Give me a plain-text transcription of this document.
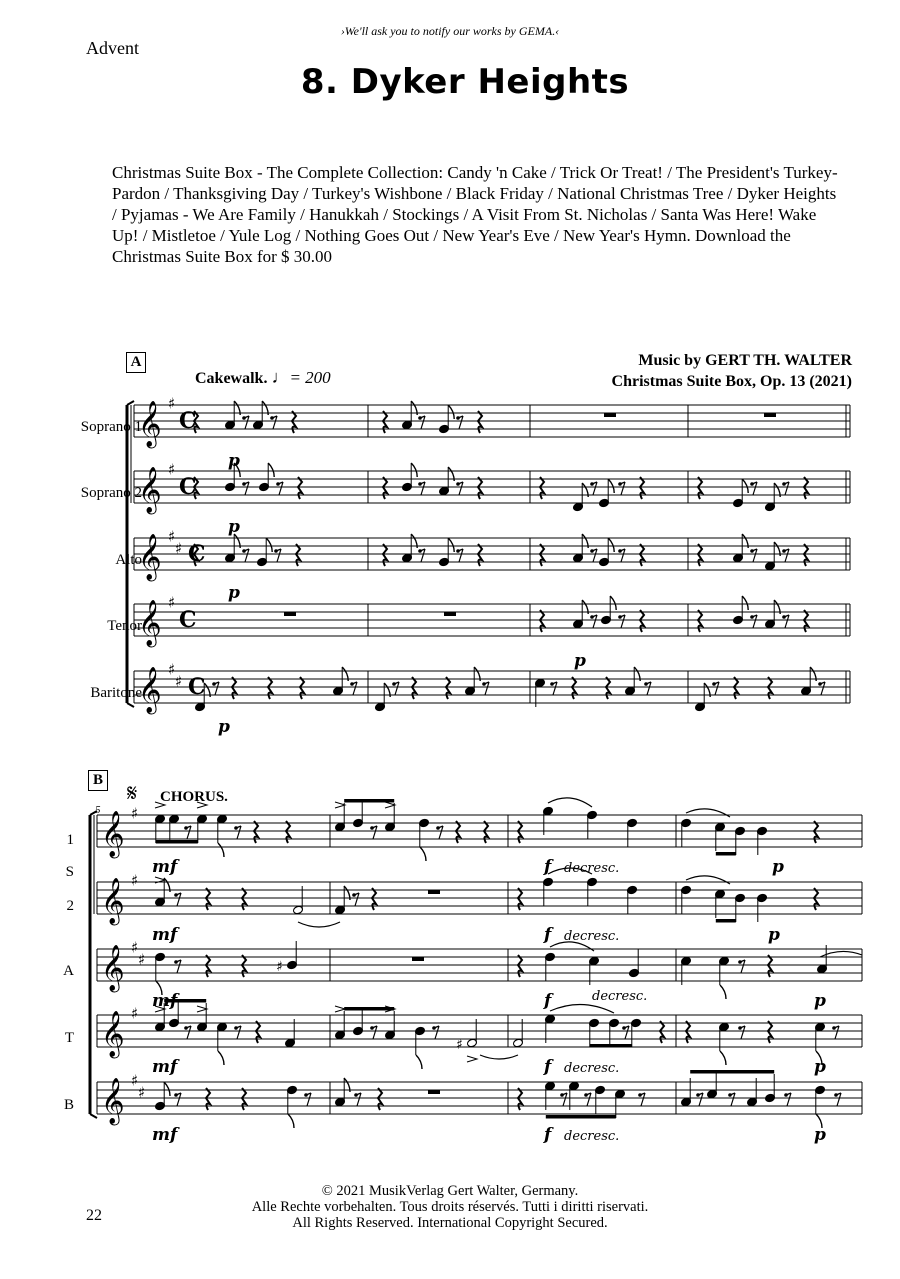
›We'll ask you to notify our works by GEMA.‹
Advent
8. Dyker Heights
Christmas Suite Box - The Complete Collection: Candy 'n Cake / Trick Or Treat! / The President's Turkey-Pardon / Thanksgiving Day / Turkey's Wishbone / Black Friday / National Christmas Tree / Dyker Heights / Pyjamas - We Are Family / Hanukkah / Stockings / A Visit From St. Nicholas / Santa Was Here! Wake Up! / Mistletoe / Yule Log / Nothing Goes Out / New Year's Eve / New Year's Hymn. Download the Christmas Suite Box for $ 30.00
Music by GERT TH. WALTER
Christmas Suite Box, Op. 13 (2021)
𝄞 ♯
C
𝄞 ♯
C
𝄞 ♯
♯ C
𝄞 ♯
C
𝄞 ♯
♯ C
𝄞 ♯
𝄞 ♯
𝄞 ♯
♯
𝄞 ♯
𝄞 ♯
♯
♯
♯
p
p
p
p
p
mf	f decresc.	p
mf	f decresc.	p
mf	f	decresc.	p
mf	f decresc.	p
mf	f decresc.	p
A
Cakewalk. ♩= 200
Soprano 1
Soprano 2
Alto
Tenor
Baritone
B
𝄋 CHORUS.
5
1
S
2
A
T
B
© 2021 MusikVerlag Gert Walter, Germany.
Alle Rechte vorbehalten. Tous droits réservés. Tutti i diritti riservati.
All Rights Reserved. International Copyright Secured.
22
